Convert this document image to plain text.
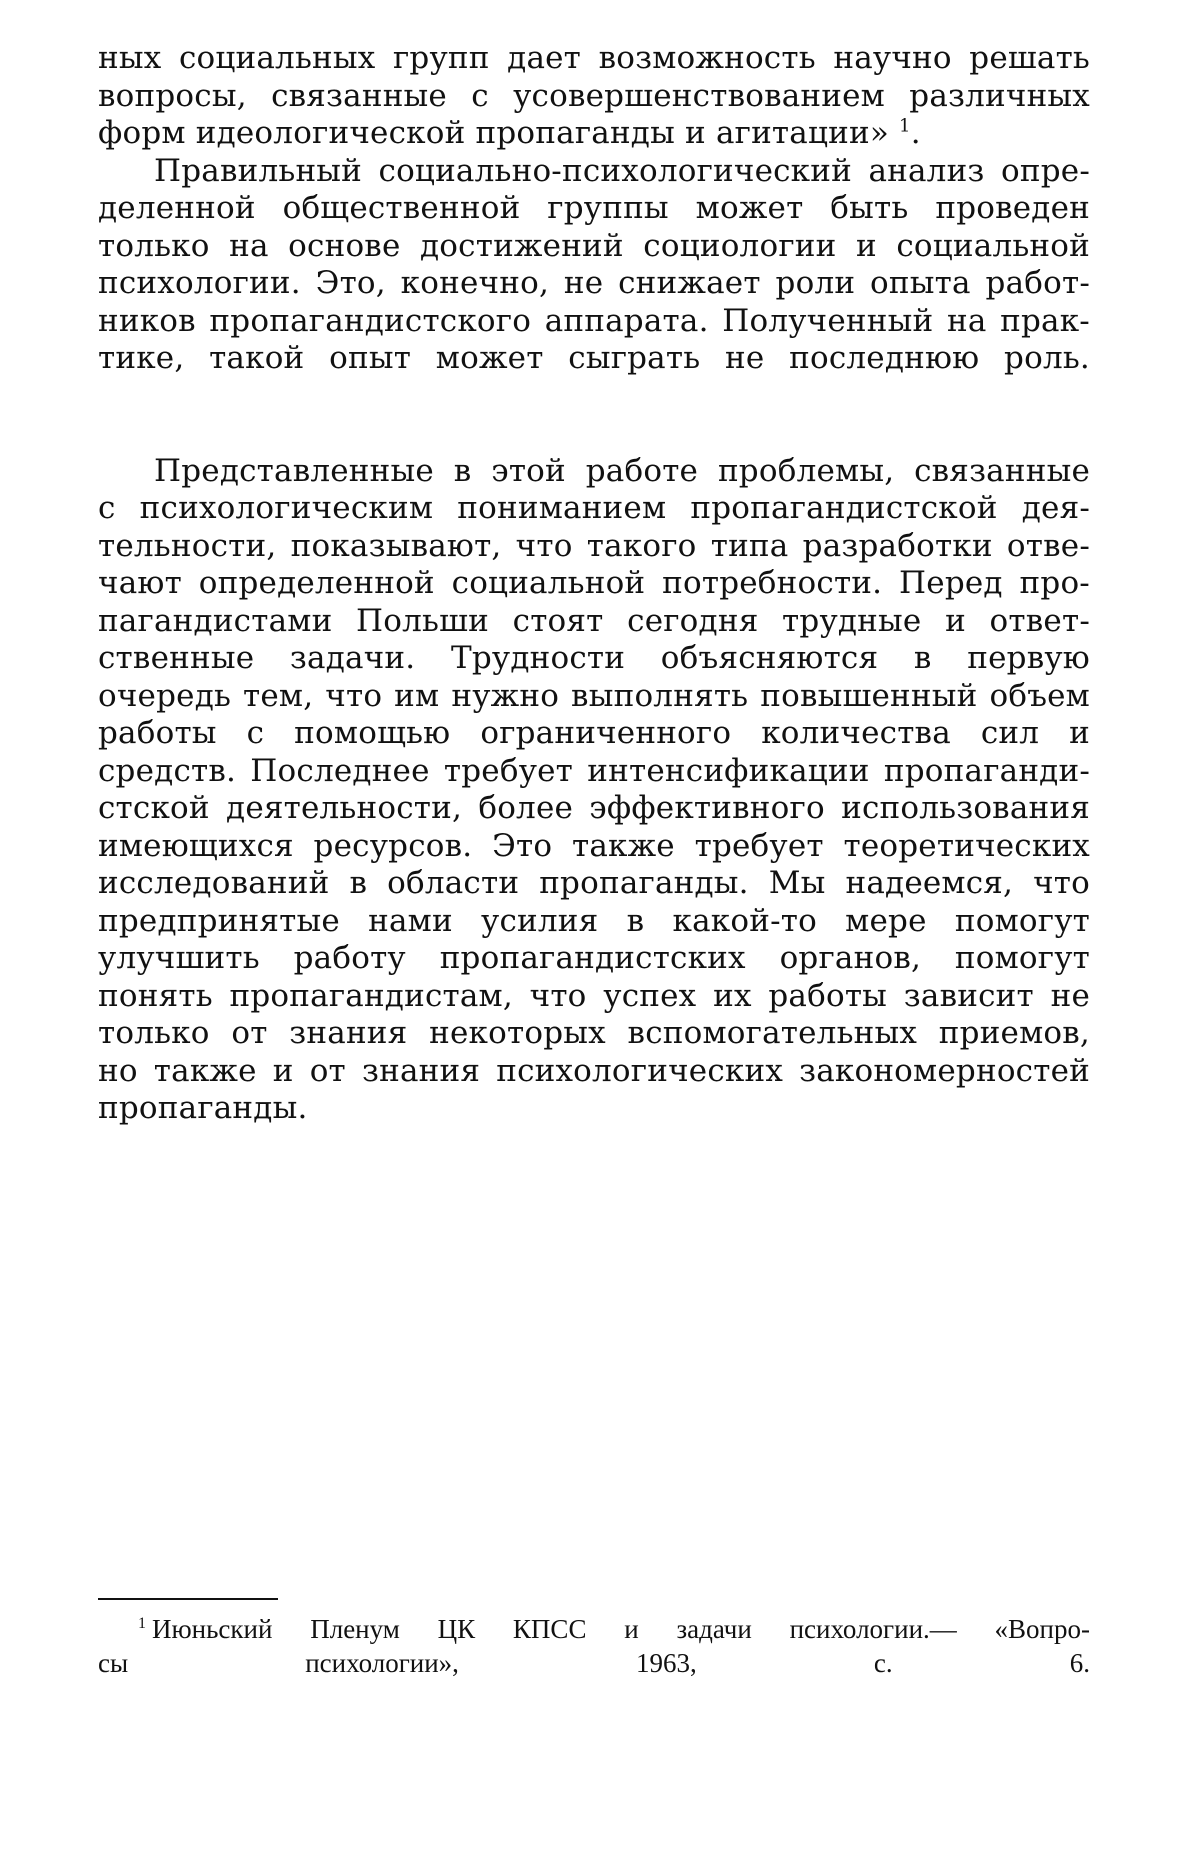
ных социальных групп дает возможность научно решать
вопросы, связанные с усовершенствованием различных
форм идеологической пропаганды и агитации» $^1$.

Правильный социально-психологический анализ опре-
деленной общественной группы может быть проведен
только на основе достижений социологии и социальной
психологии. Это, конечно, не снижает роли опыта работ-
ников пропагандистского аппарата. Полученный на прак-
тике, такой опыт может сыграть не последнюю роль.

Представленные в этой работе проблемы, связанные
с психологическим пониманием пропагандистской дея-
тельности, показывают, что такого типа разработки отве-
чают определенной социальной потребности. Перед про-
пагандистами Польши стоят сегодня трудные и ответ-
ственные задачи. Трудности объясняются в первую
очередь тем, что им нужно выполнять повышенный объем
работы с помощью ограниченного количества сил и
средств. Последнее требует интенсификации пропаганди-
стской деятельности, более эффективного использования
имеющихся ресурсов. Это также требует теоретических
исследований в области пропаганды. Мы надеемся, что
предпринятые нами усилия в какой-то мере помогут
улучшить работу пропагандистских органов, помогут
понять пропагандистам, что успех их работы зависит не
только от знания некоторых вспомогательных приемов,
но также и от знания психологических закономерностей
пропаганды.

$^1$ Июньский Пленум ЦК КПСС и задачи психологии.— «Вопро-
сы психологии», 1963, с. 6.
